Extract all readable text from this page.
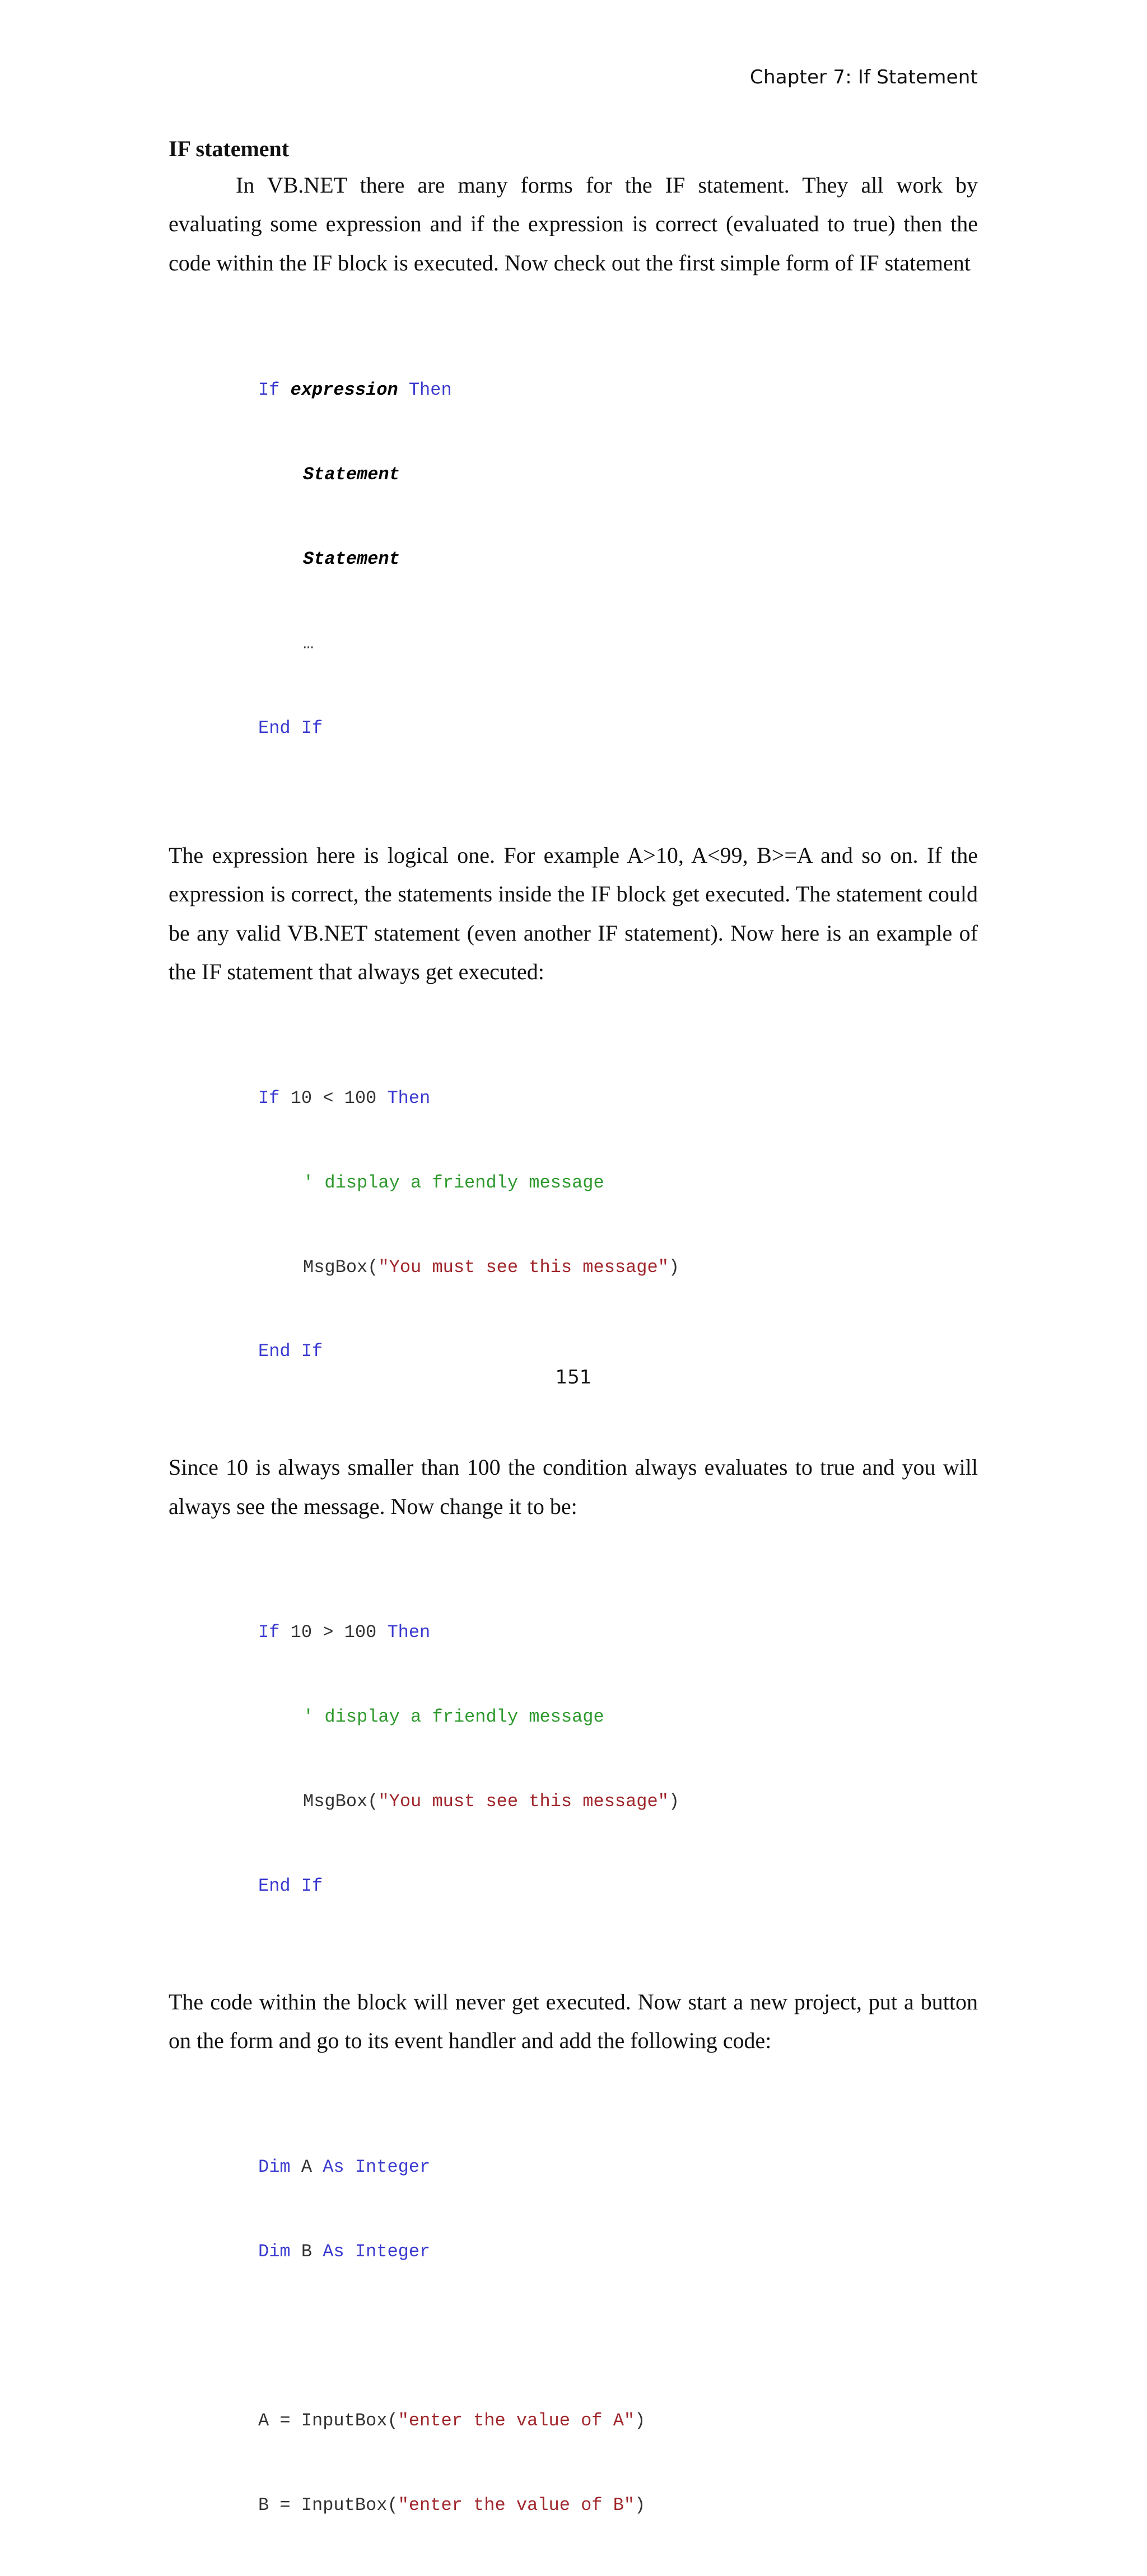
Chapter 7: If Statement
IF statement

In VB.NET there are many forms for the IF statement. They all work by evaluating some expression and if the expression is correct (evaluated to true) then the code within the IF block is executed. Now check out the first simple form of IF statement

If expression Then

Statement

Statement

…

End If

The expression here is logical one. For example A>10, A<99, B>=A and so on. If the expression is correct, the statements inside the IF block get executed. The statement could be any valid VB.NET statement (even another IF statement). Now here is an example of the IF statement that always get executed:

If 10 < 100 Then

' display a friendly message

MsgBox("You must see this message")

End If

Since 10 is always smaller than 100 the condition always evaluates to true and you will always see the message. Now change it to be:

If 10 > 100 Then

' display a friendly message

MsgBox("You must see this message")

End If

The code within the block will never get executed. Now start a new project, put a button on the form and go to its event handler and add the following code:

Dim A As Integer

Dim B As Integer

A = InputBox("enter the value of A")

B = InputBox("enter the value of B")

151
